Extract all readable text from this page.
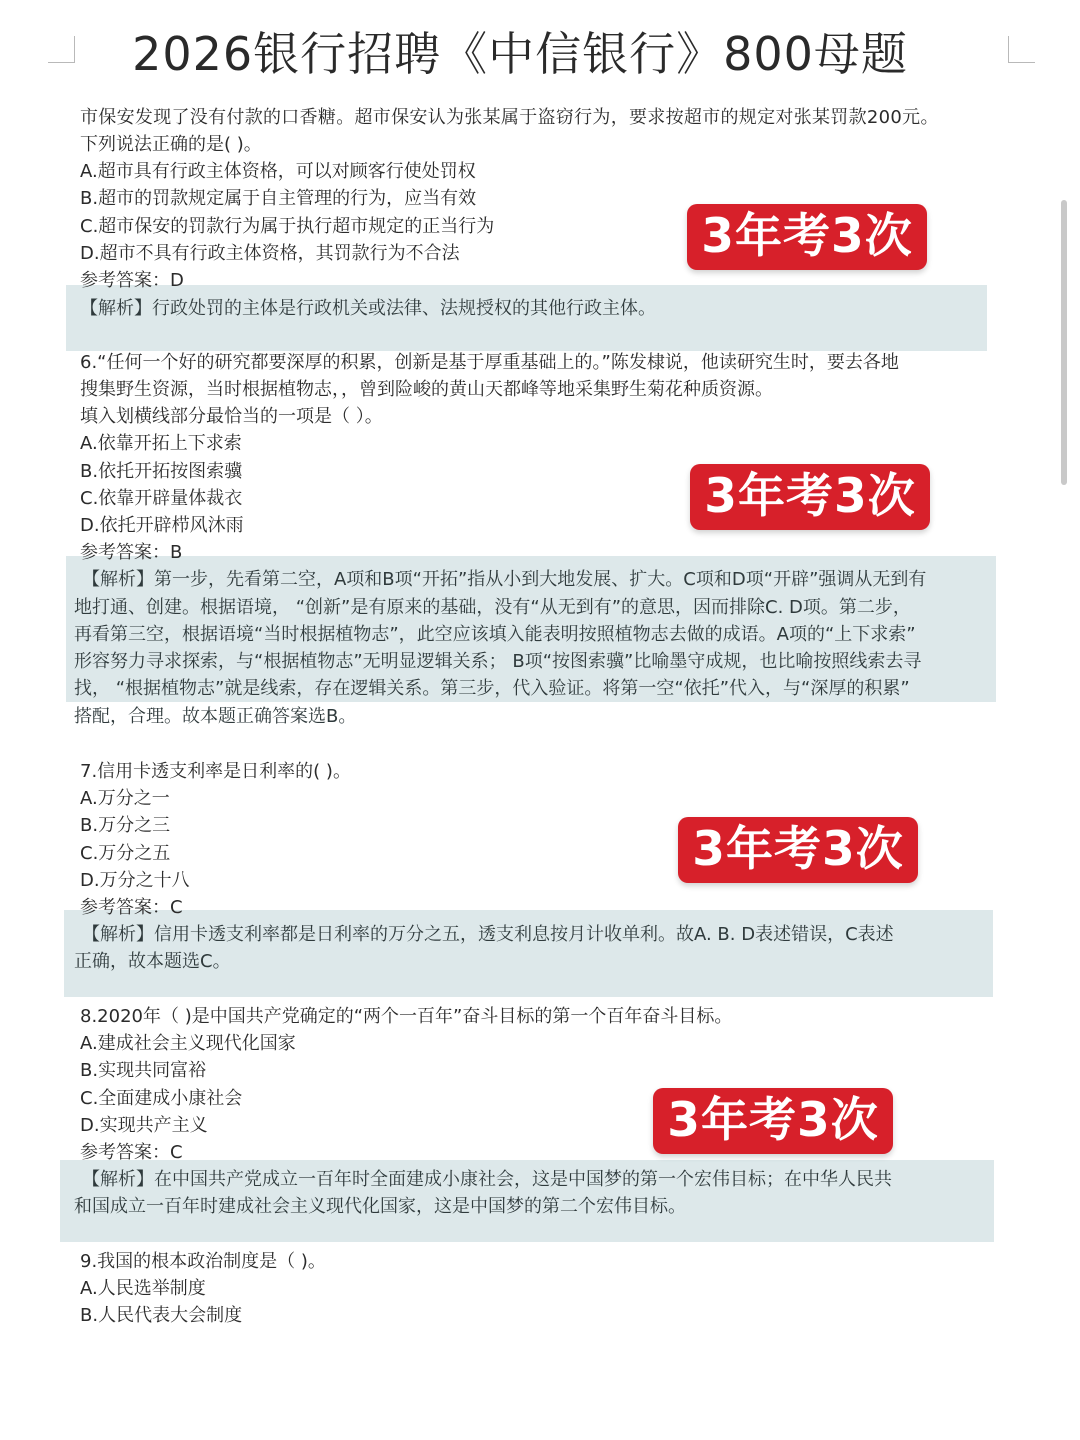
2026银行招聘《中信银行》800母题
市保安发现了没有付款的口香糖。超市保安认为张某属于盗窃行为，要求按超市的规定对张某罚款200元。
下列说法正确的是( )。
A.超市具有行政主体资格，可以对顾客行使处罚权
B.超市的罚款规定属于自主管理的行为，应当有效
C.超市保安的罚款行为属于执行超市规定的正当行为
D.超市不具有行政主体资格，其罚款行为不合法
参考答案：D
【解析】行政处罚的主体是行政机关或法律、法规授权的其他行政主体。
3年考3次
6.“任何一个好的研究都要深厚的积累，创新是基于厚重基础上的。”陈发棣说，他读研究生时，要去各地
搜集野生资源，当时根据植物志，，曾到险峻的黄山天都峰等地采集野生菊花种质资源。
填入划横线部分最恰当的一项是（ ）。
A.依靠开拓上下求索
B.依托开拓按图索骥
C.依靠开辟量体裁衣
D.依托开辟栉风沐雨
参考答案：B
【解析】第一步，先看第二空，A项和B项“开拓”指从小到大地发展、扩大。C项和D项“开辟”强调从无到有
地打通、创建。根据语境， “创新”是有原来的基础，没有“从无到有”的意思，因而排除C. D项。第二步，
再看第三空，根据语境“当时根据植物志”，此空应该填入能表明按照植物志去做的成语。A项的“上下求索”
形容努力寻求探索，与“根据植物志”无明显逻辑关系； B项“按图索骥”比喻墨守成规，也比喻按照线索去寻
找， “根据植物志”就是线索，存在逻辑关系。第三步，代入验证。将第一空“依托”代入，与“深厚的积累”
搭配，合理。故本题正确答案选B。
3年考3次
7.信用卡透支利率是日利率的( )。
A.万分之一
B.万分之三
C.万分之五
D.万分之十八
参考答案：C
【解析】信用卡透支利率都是日利率的万分之五，透支利息按月计收单利。故A. B. D表述错误，C表述
正确，故本题选C。
3年考3次
8.2020年（ )是中国共产党确定的“两个一百年”奋斗目标的第一个百年奋斗目标。
A.建成社会主义现代化国家
B.实现共同富裕
C.全面建成小康社会
D.实现共产主义
参考答案：C
【解析】在中国共产党成立一百年时全面建成小康社会，这是中国梦的第一个宏伟目标；在中华人民共
和国成立一百年时建成社会主义现代化国家，这是中国梦的第二个宏伟目标。
3年考3次
9.我国的根本政治制度是（ )。
A.人民选举制度
B.人民代表大会制度
